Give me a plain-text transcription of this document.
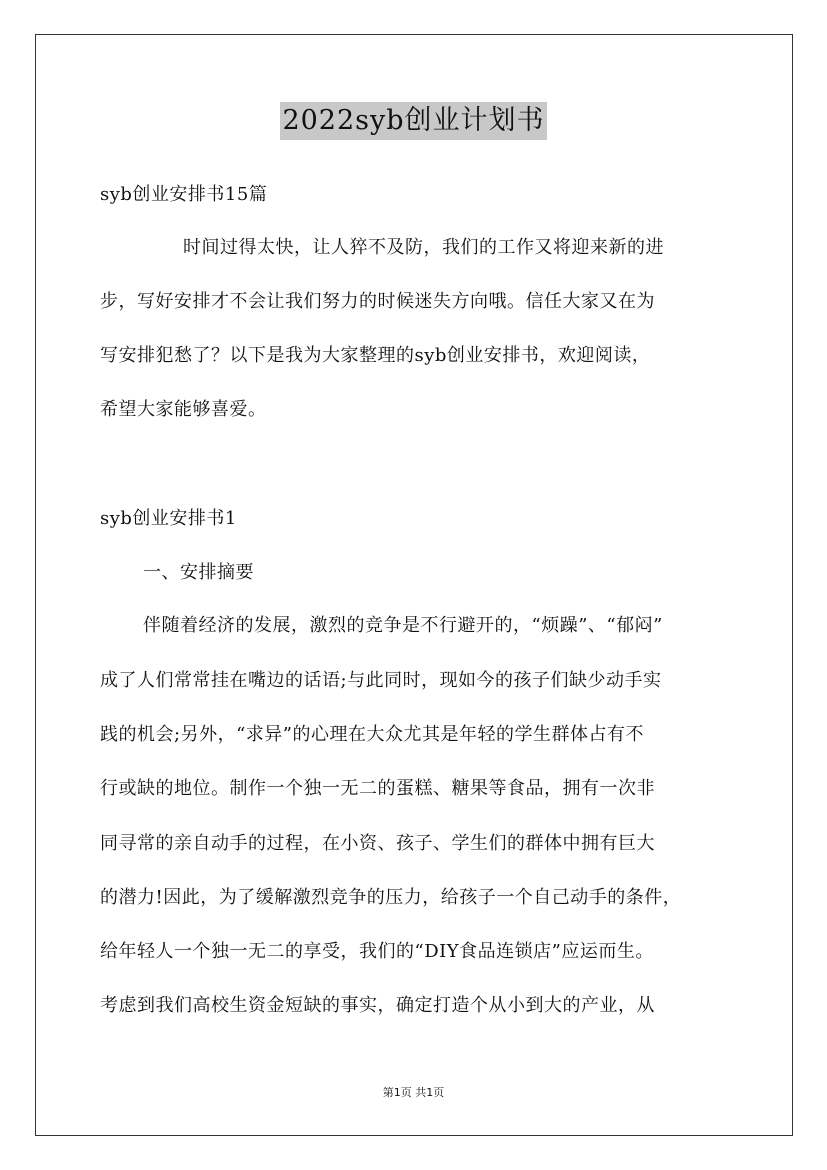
2022syb创业计划书
syb创业安排书15篇
时间过得太快，让人猝不及防，我们的工作又将迎来新的进
步，写好安排才不会让我们努力的时候迷失方向哦。信任大家又在为
写安排犯愁了？以下是我为大家整理的syb创业安排书，欢迎阅读，
希望大家能够喜爱。
syb创业安排书1
一、安排摘要
伴随着经济的发展，激烈的竞争是不行避开的，“烦躁”、“郁闷”
成了人们常常挂在嘴边的话语;与此同时，现如今的孩子们缺少动手实
践的机会;另外，“求异”的心理在大众尤其是年轻的学生群体占有不
行或缺的地位。制作一个独一无二的蛋糕、糖果等食品，拥有一次非
同寻常的亲自动手的过程，在小资、孩子、学生们的群体中拥有巨大
的潜力!因此，为了缓解激烈竞争的压力，给孩子一个自己动手的条件，
给年轻人一个独一无二的享受，我们的“DIY食品连锁店”应运而生。
考虑到我们高校生资金短缺的事实，确定打造个从小到大的产业，从
第1页 共1页
